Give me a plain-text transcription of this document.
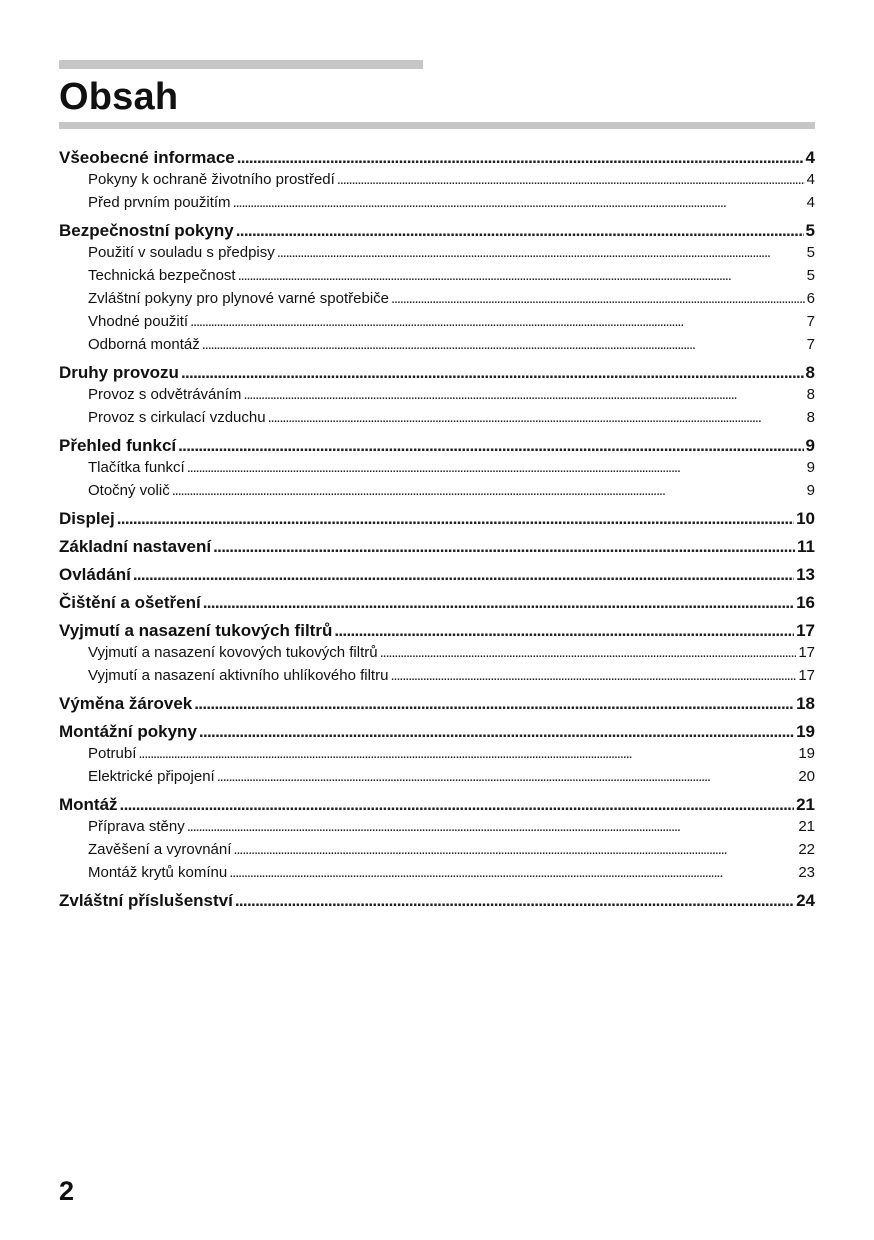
Obsah
Všeobecné informace . . .	4
Pokyny k ochraně životního prostředí . . .	4
Před prvním použitím . . .	4
Bezpečnostní pokyny . . .	5
Použití v souladu s předpisy . . .	5
Technická bezpečnost . . .	5
Zvláštní pokyny pro plynové varné spotřebiče . . .	6
Vhodné použití . . .	7
Odborná montáž . . .	7
Druhy provozu . . .	8
Provoz s odvětráváním . . .	8
Provoz s cirkulací vzduchu . . .	8
Přehled funkcí . . .	9
Tlačítka funkcí . . .	9
Otočný volič . . .	9
Displej . . .	10
Základní nastavení . . .	11
Ovládání . . .	13
Čištění a ošetření . . .	16
Vyjmutí a nasazení tukových filtrů . . .	17
Vyjmutí a nasazení kovových tukových filtrů . . .	17
Vyjmutí a nasazení aktivního uhlíkového filtru . . .	17
Výměna žárovek . . .	18
Montážní pokyny . . .	19
Potrubí . . .	19
Elektrické připojení . . .	20
Montáž . . .	21
Příprava stěny . . .	21
Zavěšení a vyrovnání . . .	22
Montáž krytů komínu . . .	23
Zvláštní příslušenství . . .	24
2
